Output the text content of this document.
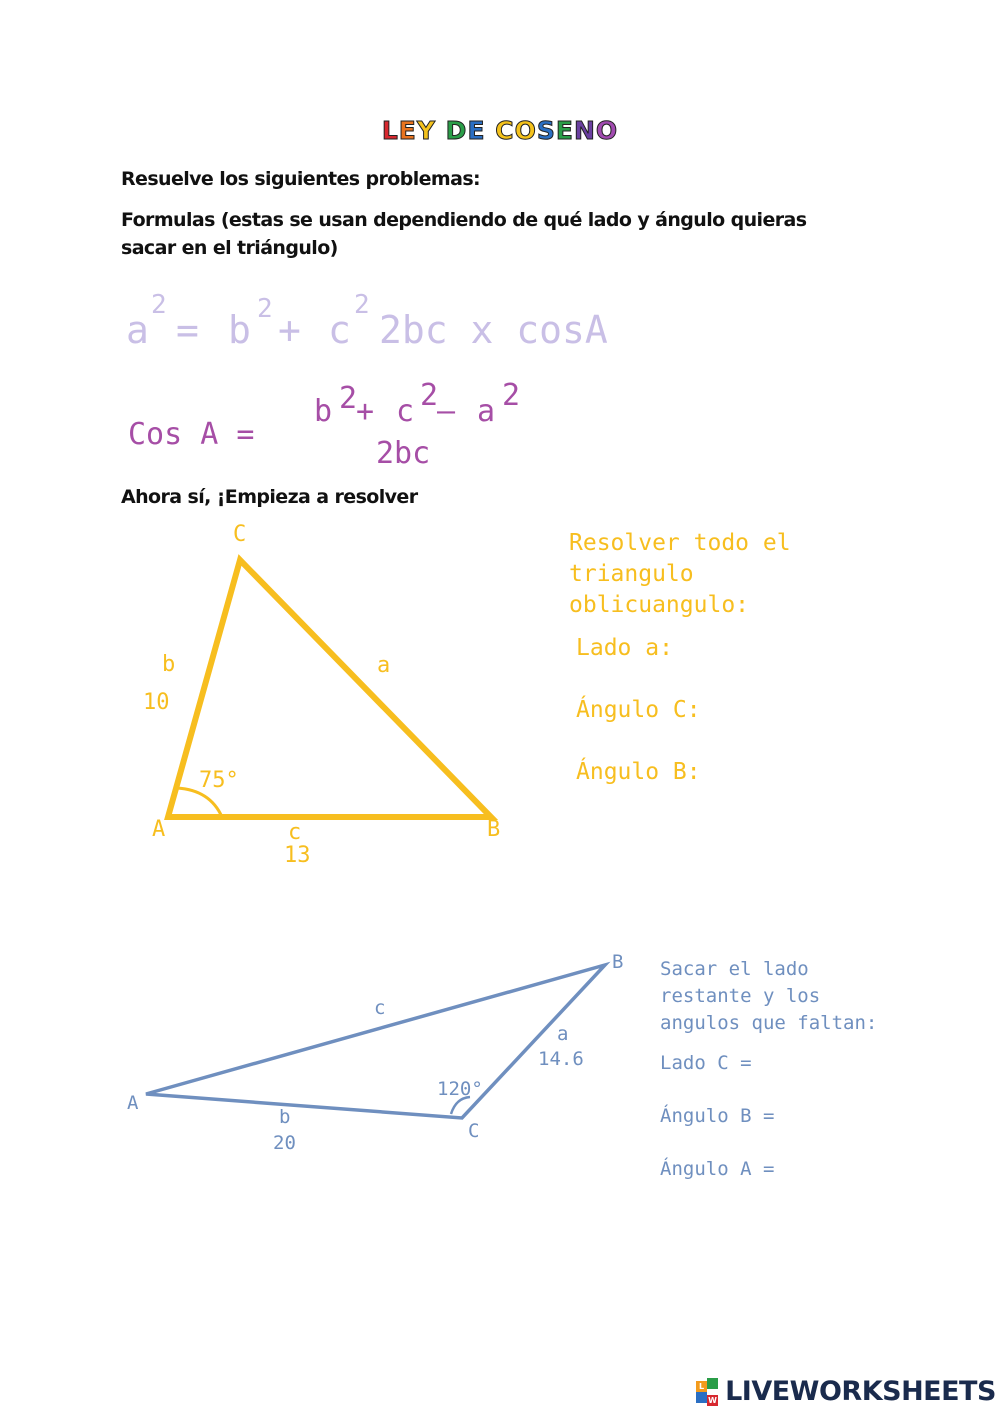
LEY DE COSENO
Resuelve los siguientes problemas:
Formulas (estas se usan dependiendo de qué lado y ángulo quieras
sacar en el triángulo)
a
2
= b 2 + c
2
2bc x cosA
Cos A =
b 2
+ c 2
– a 2
2bc
Ahora sí, ¡Empieza a resolver
C
b
10
a
75°
A	B
c
13
Resolver todo el
triangulo
oblicuangulo:
Lado a:
Ángulo C:
Ángulo B:
B
c
a
14.6
120°
A
b
C
20
Sacar el lado
restante y los
angulos que faltan:
Lado C =
Ángulo B =
Ángulo A =
L
W LIVEWORKSHEETS
